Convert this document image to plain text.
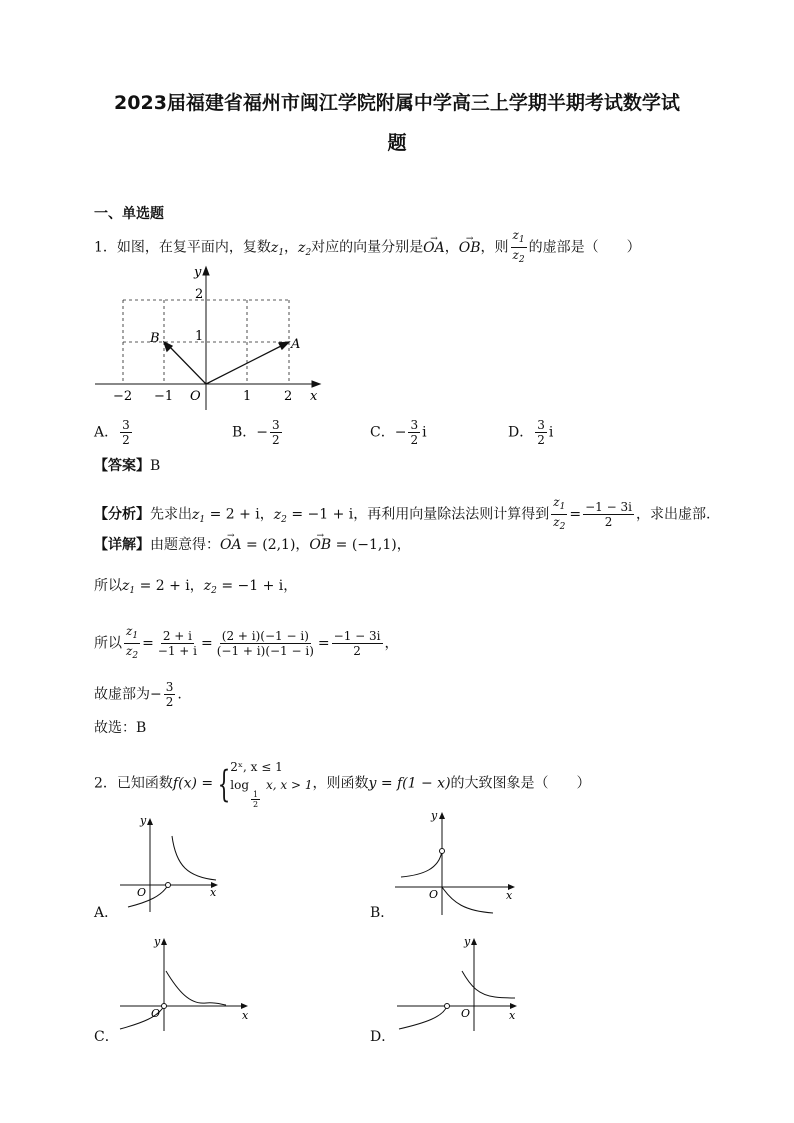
2023届福建省福州市闽江学院附属中学高三上学期半期考试数学试
题
一、单选题
1．如图，在复平面内，复数$z_1$，$z_2$对应的向量分别是→ OA，→ OB，则 $\frac{z_1}{z_2}$ 的虚部是（　　）
y
x
O
2
1
−2 −1	1	2
A
B
A． $\frac{3}{2}$	B．− $\frac{3}{2}$	C．− $\frac{3}{2}$ i	D． $\frac{3}{2}$ i
【答案】B
【分析】先求出$z_1 = 2 + i$，$z_2 = -1 + i$，再利用向量除法法则计算得到 $\frac{z_1}{z_2} = \frac{-1 - 3i}{2}$ ，求出虚部.
【详解】由题意得：→ OA = (2,1)，→ OB = (−1,1)，
所以$z_1 = 2 + i$，$z_2 = -1 + i$，
所以 $\frac{z_1}{z_2} = \frac{2 + i}{-1 + i} = \frac{(2 + i)(-1 - i)}{(-1 + i)(-1 - i)} = \frac{-1 - 3i}{2}$ ，
故虚部为− $\frac{3}{2}$ .
故选：B
2．已知函数f(x) = { 2ˣ, x ≤ 1
log
$\frac{1}{2}$
x, x > 1 ，则函数y = f(1 − x)的大致图象是（　　）
y
x
O
A．
y
x
O
B．
y
x
O
C．
y
x
O
D．
